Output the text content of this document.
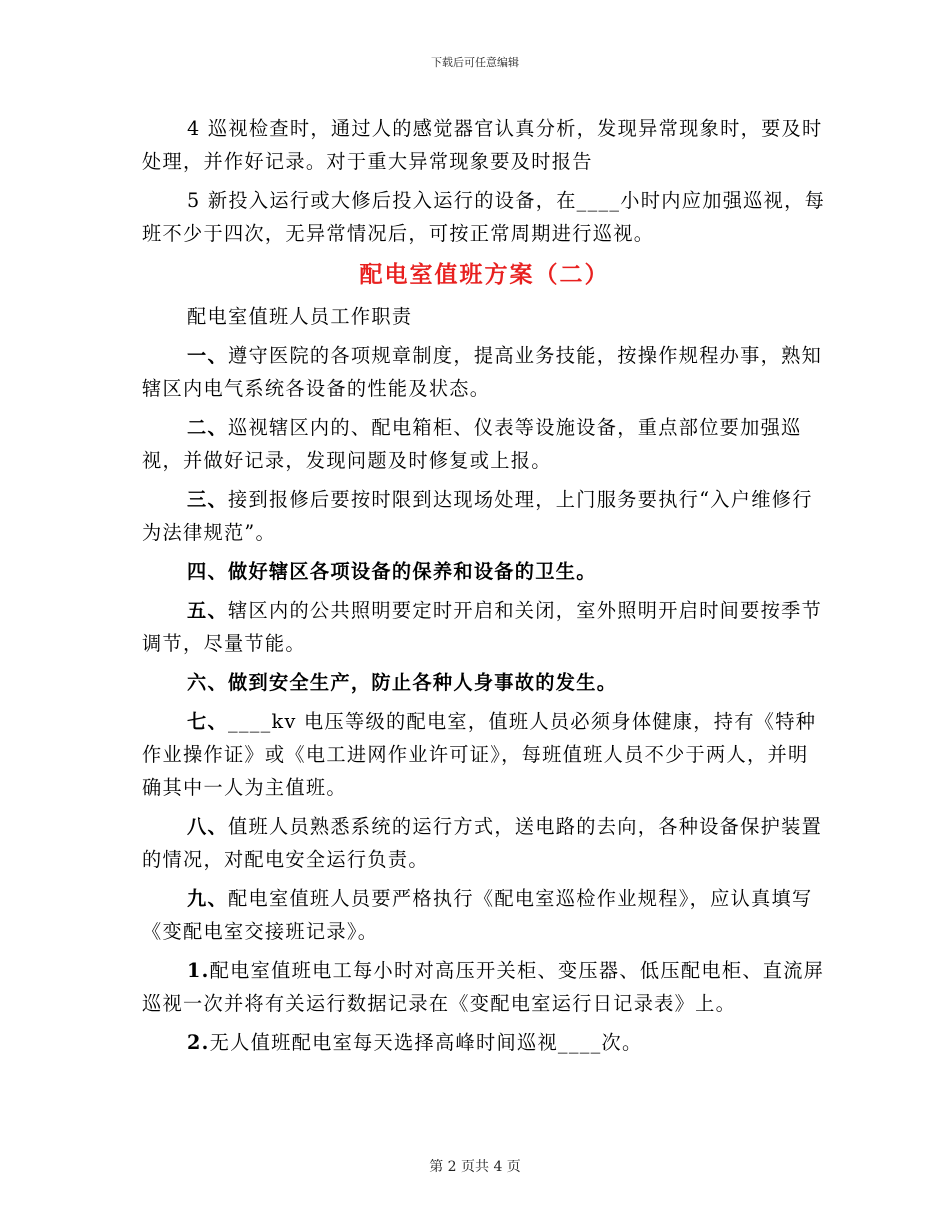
下载后可任意编辑

4 巡视检查时，通过人的感觉器官认真分析，发现异常现象时，要及时处理，并作好记录。对于重大异常现象要及时报告

5 新投入运行或大修后投入运行的设备，在____小时内应加强巡视，每班不少于四次，无异常情况后，可按正常周期进行巡视。

配电室值班方案（二）

配电室值班人员工作职责

一、遵守医院的各项规章制度，提高业务技能，按操作规程办事，熟知辖区内电气系统各设备的性能及状态。

二、巡视辖区内的、配电箱柜、仪表等设施设备，重点部位要加强巡视，并做好记录，发现问题及时修复或上报。

三、接到报修后要按时限到达现场处理，上门服务要执行“入户维修行为法律规范”。

四、做好辖区各项设备的保养和设备的卫生。

五、辖区内的公共照明要定时开启和关闭，室外照明开启时间要按季节调节，尽量节能。

六、做到安全生产，防止各种人身事故的发生。

七、____kv 电压等级的配电室，值班人员必须身体健康，持有《特种作业操作证》或《电工进网作业许可证》，每班值班人员不少于两人，并明确其中一人为主值班。

八、值班人员熟悉系统的运行方式，送电路的去向，各种设备保护装置的情况，对配电安全运行负责。

九、配电室值班人员要严格执行《配电室巡检作业规程》，应认真填写《变配电室交接班记录》。

1.配电室值班电工每小时对高压开关柜、变压器、低压配电柜、直流屏巡视一次并将有关运行数据记录在《变配电室运行日记录表》上。

2.无人值班配电室每天选择高峰时间巡视____次。

第 2 页共 4 页
